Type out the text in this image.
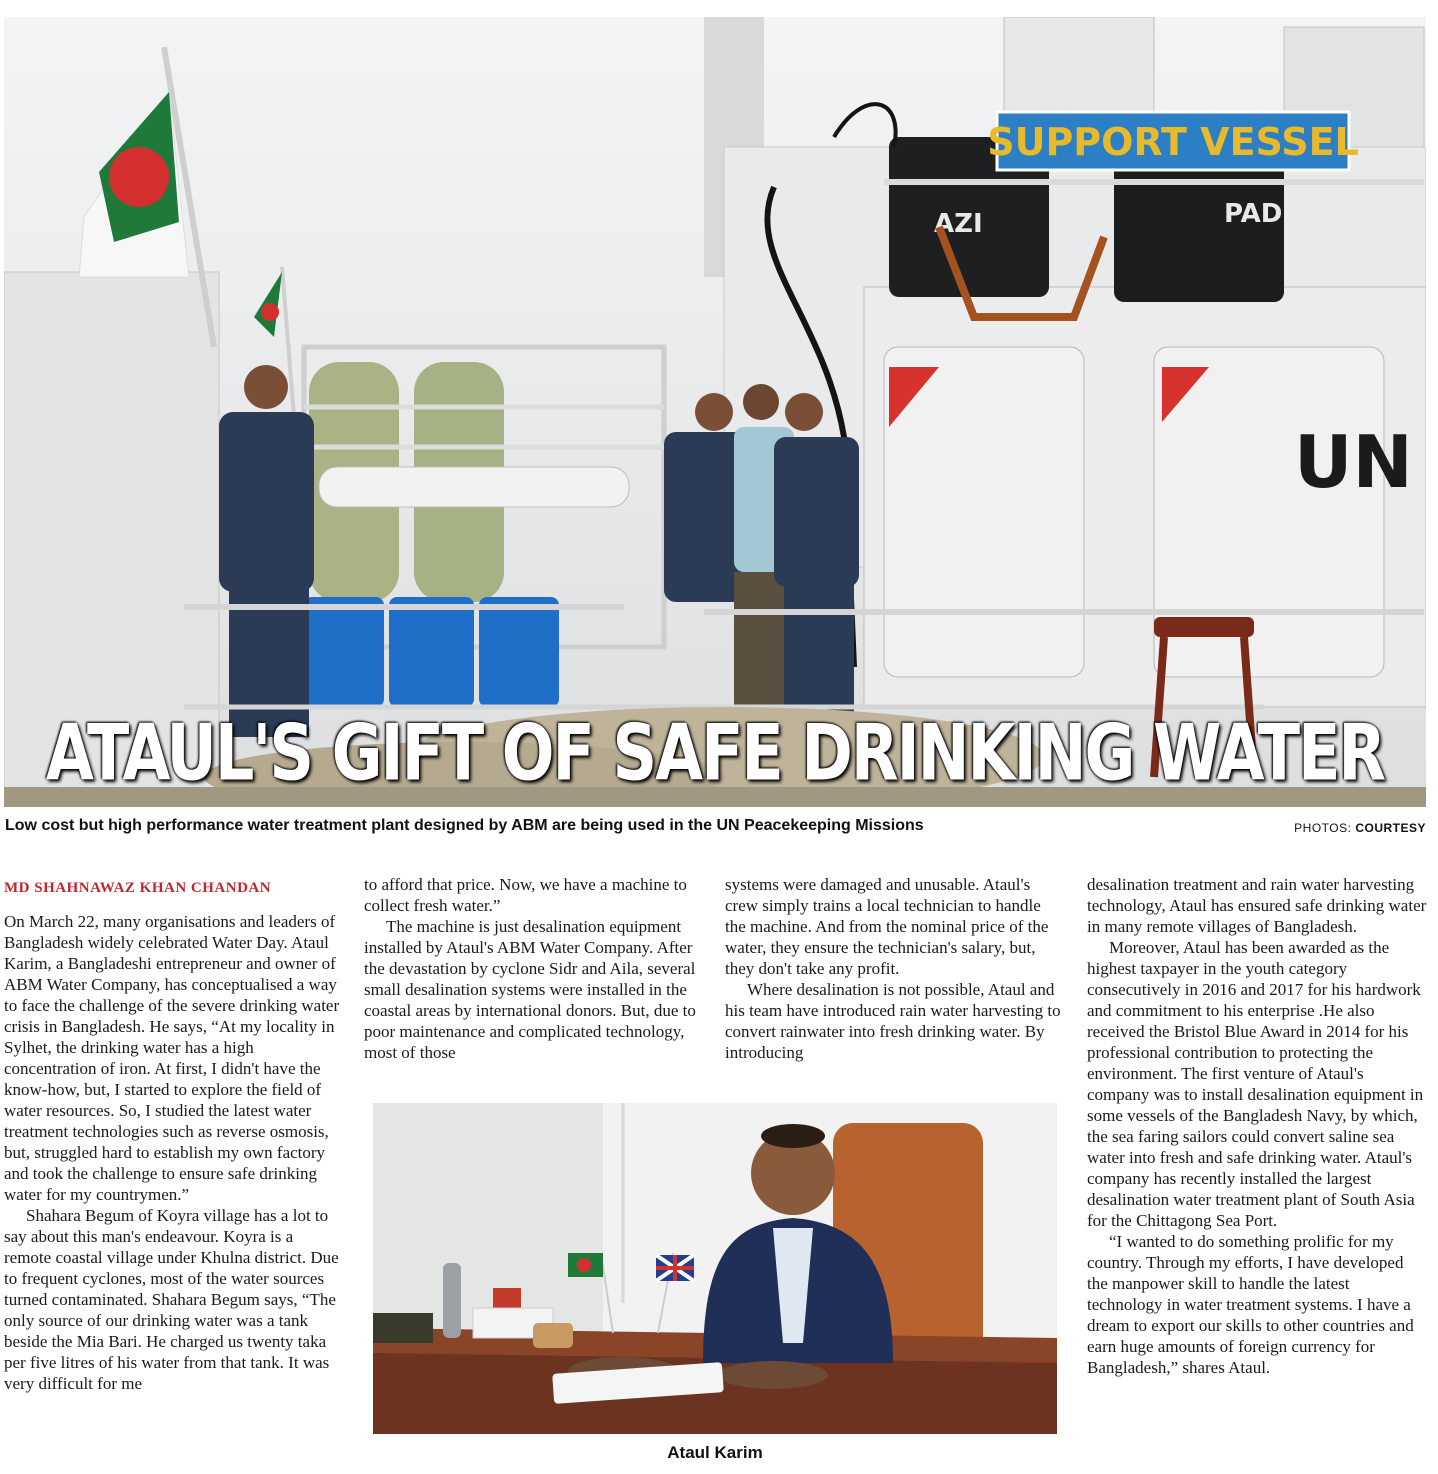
UN
AZI	PAD
SUPPORT VESSEL
ATAUL'S GIFT OF SAFE DRINKING WATER
Low cost but high performance water treatment plant designed by ABM are being used in the UN Peacekeeping Missions	PHOTOS: COURTESY
MD SHAHNAWAZ KHAN CHANDAN

On March 22, many organisations and leaders of Bangladesh widely celebrated Water Day. Ataul Karim, a Bangladeshi entrepreneur and owner of ABM Water Company, has conceptualised a way to face the challenge of the severe drinking water crisis in Bangladesh. He says, “At my locality in Sylhet, the drinking water has a high concentration of iron. At first, I didn't have the know-how, but, I started to explore the field of water resources. So, I studied the latest water treatment technologies such as reverse osmosis, but, struggled hard to establish my own factory and took the challenge to ensure safe drinking water for my countrymen.”

Shahara Begum of Koyra village has a lot to say about this man's endeavour. Koyra is a remote coastal village under Khulna district. Due to frequent cyclones, most of the water sources turned contaminated. Shahara Begum says, “The only source of our drinking water was a tank beside the Mia Bari. He charged us twenty taka per five litres of his water from that tank. It was very difficult for me

to afford that price. Now, we have a machine to collect fresh water.”

The machine is just desalination equipment installed by Ataul's ABM Water Company. After the devastation by cyclone Sidr and Aila, several small desalination systems were installed in the coastal areas by international donors. But, due to poor maintenance and complicated technology, most of those

systems were damaged and unusable. Ataul's crew simply trains a local technician to handle the machine. And from the nominal price of the water, they ensure the technician's salary, but, they don't take any profit.

Where desalination is not possible, Ataul and his team have introduced rain water harvesting to convert rainwater into fresh drinking water. By introducing

desalination treatment and rain water harvesting technology, Ataul has ensured safe drinking water in many remote villages of Bangladesh.

Moreover, Ataul has been awarded as the highest taxpayer in the youth category consecutively in 2016 and 2017 for his hardwork and commitment to his enterprise .He also received the Bristol Blue Award in 2014 for his professional contribution to protecting the environment. The first venture of Ataul's company was to install desalination equipment in some vessels of the Bangladesh Navy, by which, the sea faring sailors could convert saline sea water into fresh and safe drinking water. Ataul's company has recently installed the largest desalination water treatment plant of South Asia for the Chittagong Sea Port.

“I wanted to do something prolific for my country. Through my efforts, I have developed the manpower skill to handle the latest technology in water treatment systems. I have a dream to export our skills to other countries and earn huge amounts of foreign currency for Bangladesh,” shares Ataul.

Ataul Karim
